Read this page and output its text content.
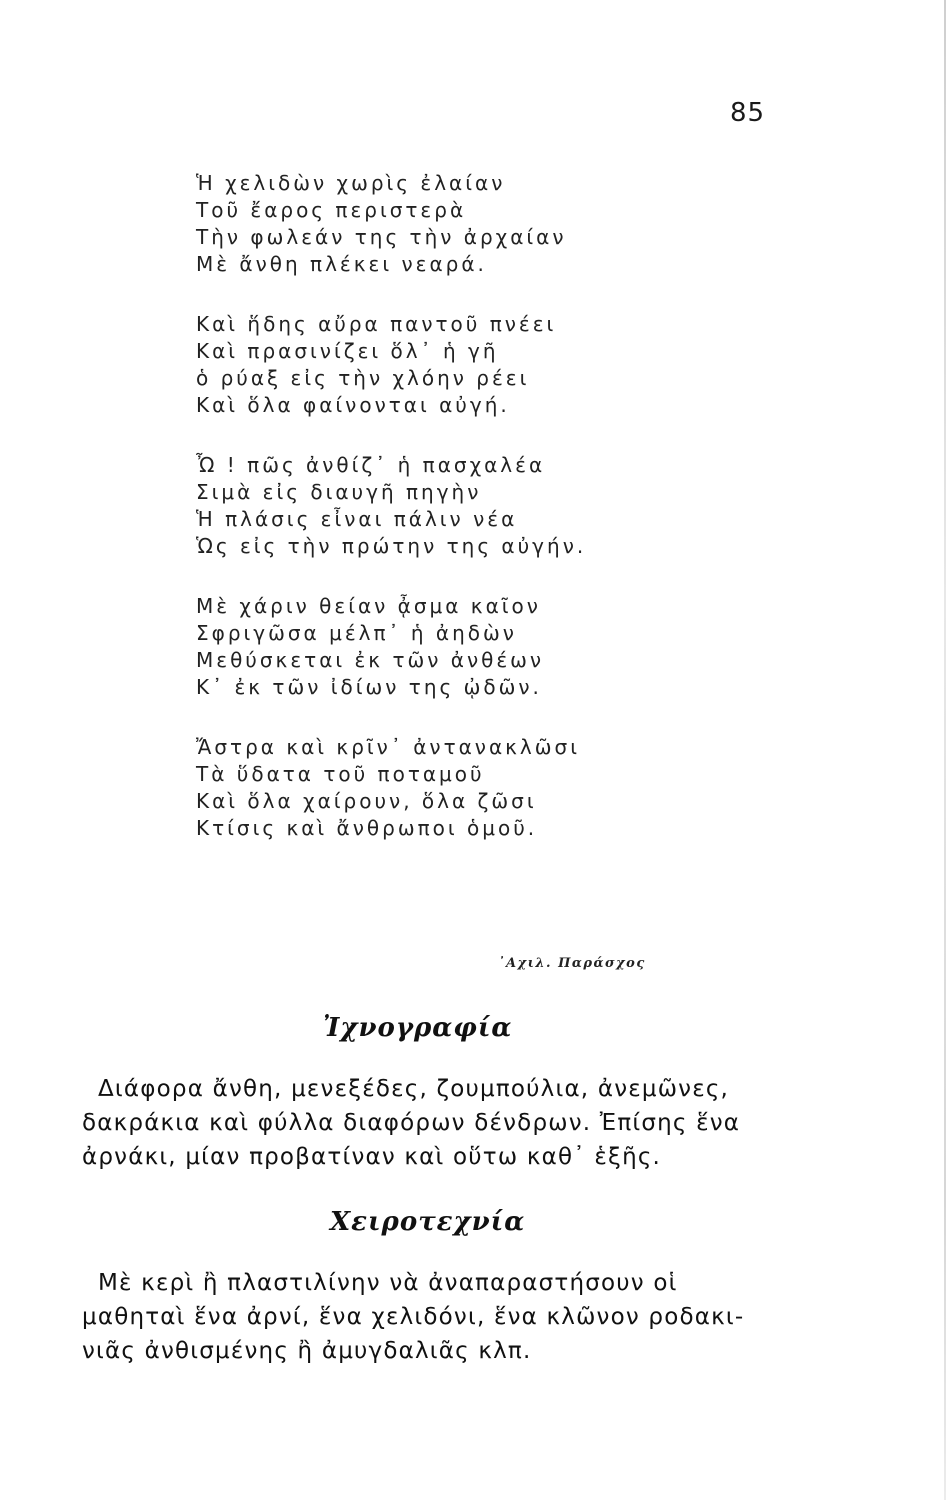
85
Ἡ χελιδὼν χωρὶς ἐλαίαν
Τοῦ ἔαρος περιστερὰ
Τὴν φωλεάν της τὴν ἀρχαίαν
Μὲ ἄνθη πλέκει νεαρά.
Καὶ ἥδης αὔρα παντοῦ πνέει
Καὶ πρασινίζει ὅλ᾿ ἡ γῆ
ὁ ρύαξ εἰς τὴν χλόην ρέει
Καὶ ὅλα φαίνονται αὐγή.
Ὦ ! πῶς ἀνθίζ᾿ ἡ πασχαλέα
Σιμὰ εἰς διαυγῆ πηγὴν
Ἡ πλάσις εἶναι πάλιν νέα
Ὡς εἰς τὴν πρώτην της αὐγήν.
Μὲ χάριν θείαν ᾆσμα καῖον
Σφριγῶσα μέλπ᾿ ἡ ἀηδὼν
Μεθύσκεται ἐκ τῶν ἀνθέων
Κ᾿ ἐκ τῶν ἰδίων της ᾠδῶν.
Ἄστρα καὶ κρῖν᾿ ἀντανακλῶσι
Τὰ ὕδατα τοῦ ποταμοῦ
Καὶ ὅλα χαίρουν, ὅλα ζῶσι
Κτίσις καὶ ἄνθρωποι ὁμοῦ.
᾿Αχιλ. Παράσχος
Ἰχνογραφία
Διάφορα ἄνθη, μενεξέδες, ζουμπούλια, ἀνεμῶνες,
δακράκια καὶ φύλλα διαφόρων δένδρων. Ἐπίσης ἕνα
ἀρνάκι, μίαν προβατίναν καὶ οὕτω καθ᾿ ἑξῆς.
Χειροτεχνία
Μὲ κερὶ ἢ πλαστιλίνην νὰ ἀναπαραστήσουν οἱ
μαθηταὶ ἕνα ἀρνί, ἕνα χελιδόνι, ἕνα κλῶνον ροδακι-
νιᾶς ἀνθισμένης ἢ ἀμυγδαλιᾶς κλπ.
